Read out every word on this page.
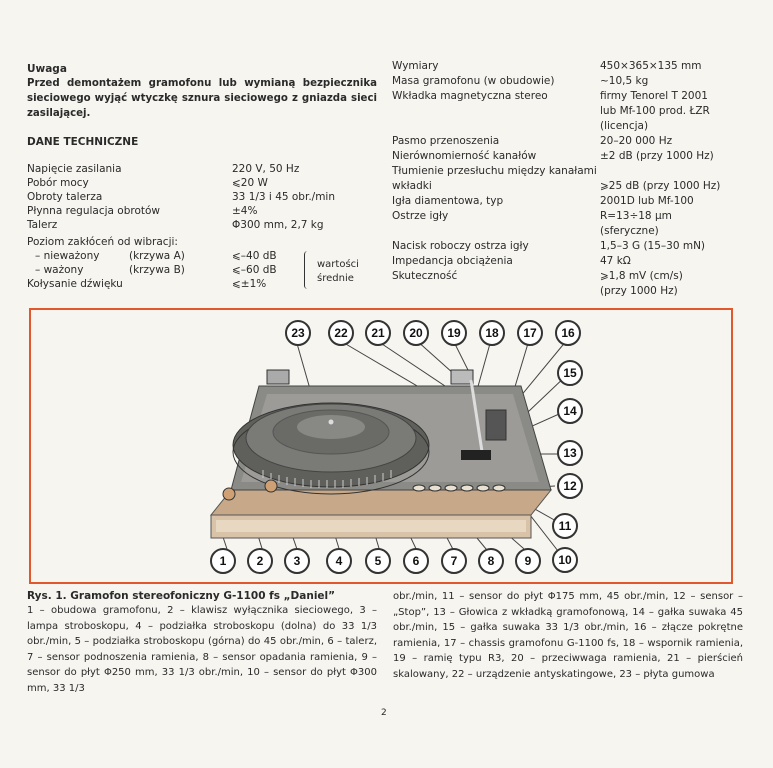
Uwaga
Przed demontażem gramofonu lub wymianą bezpiecznika sieciowego wyjąć wtyczkę sznura sieciowego z gniazda sieci zasilającej.
DANE TECHNICZNE
Napięcie zasilania	220 V, 50 Hz
Pobór mocy	⩽20 W
Obroty talerza	33 1/3 i 45 obr./min
Płynna regulacja obrotów	±4%
Talerz	Φ300 mm, 2,7 kg
Poziom zakłóceń od wibracji:
– nieważony	(krzywa A)	⩽–40 dB
– ważony	(krzywa B)	⩽–60 dB
Kołysanie dźwięku	⩽±1%
wartości
średnie
Wymiary	450×365×135 mm
Masa gramofonu (w obudowie)	~10,5 kg
Wkładka magnetyczna stereo	firmy Tenorel T 2001
lub Mf-100 prod. ŁZR
(licencja)
Pasmo przenoszenia	20–20 000 Hz
Nierównomierność kanałów	±2 dB (przy 1000 Hz)
Tłumienie przesłuchu między kanałami
wkładki	⩾25 dB (przy 1000 Hz)
Igła diamentowa, typ	2001D lub Mf-100
Ostrze igły	R=13÷18 μm
(sferyczne)
Nacisk roboczy ostrza igły	1,5–3 G (15–30 mN)
Impedancja obciążenia	47 kΩ
Skuteczność	⩾1,8 mV (cm/s)
(przy 1000 Hz)
23	22	21	20	19	18	17	16
15
14
13
12
11
10
1	2	3	4	5	6	7	8	9
Rys. 1. Gramofon stereofoniczny G-1100 fs „Daniel”
1 – obudowa gramofonu, 2 – klawisz wyłącznika sieciowego, 3 – lampa stroboskopu, 4 – podziałka stroboskopu (dolna) do 33 1/3 obr./min, 5 – podziałka stroboskopu (górna) do 45 obr./min, 6 – talerz, 7 – sensor podnoszenia ramienia, 8 – sensor opadania ramienia, 9 – sensor do płyt Φ250 mm, 33 1/3 obr./min, 10 – sensor do płyt Φ300 mm, 33 1/3
obr./min, 11 – sensor do płyt Φ175 mm, 45 obr./min, 12 – sensor – „Stop”, 13 – Głowica z wkładką gramofonową, 14 – gałka suwaka 45 obr./min, 15 – gałka suwaka 33 1/3 obr./min, 16 – złącze pokrętne ramienia, 17 – chassis gramofonu G-1100 fs, 18 – wspornik ramienia, 19 – ramię typu R3, 20 – przeciwwaga ramienia, 21 – pierścień skalowany, 22 – urządzenie antyskatingowe, 23 – płyta gumowa
2
